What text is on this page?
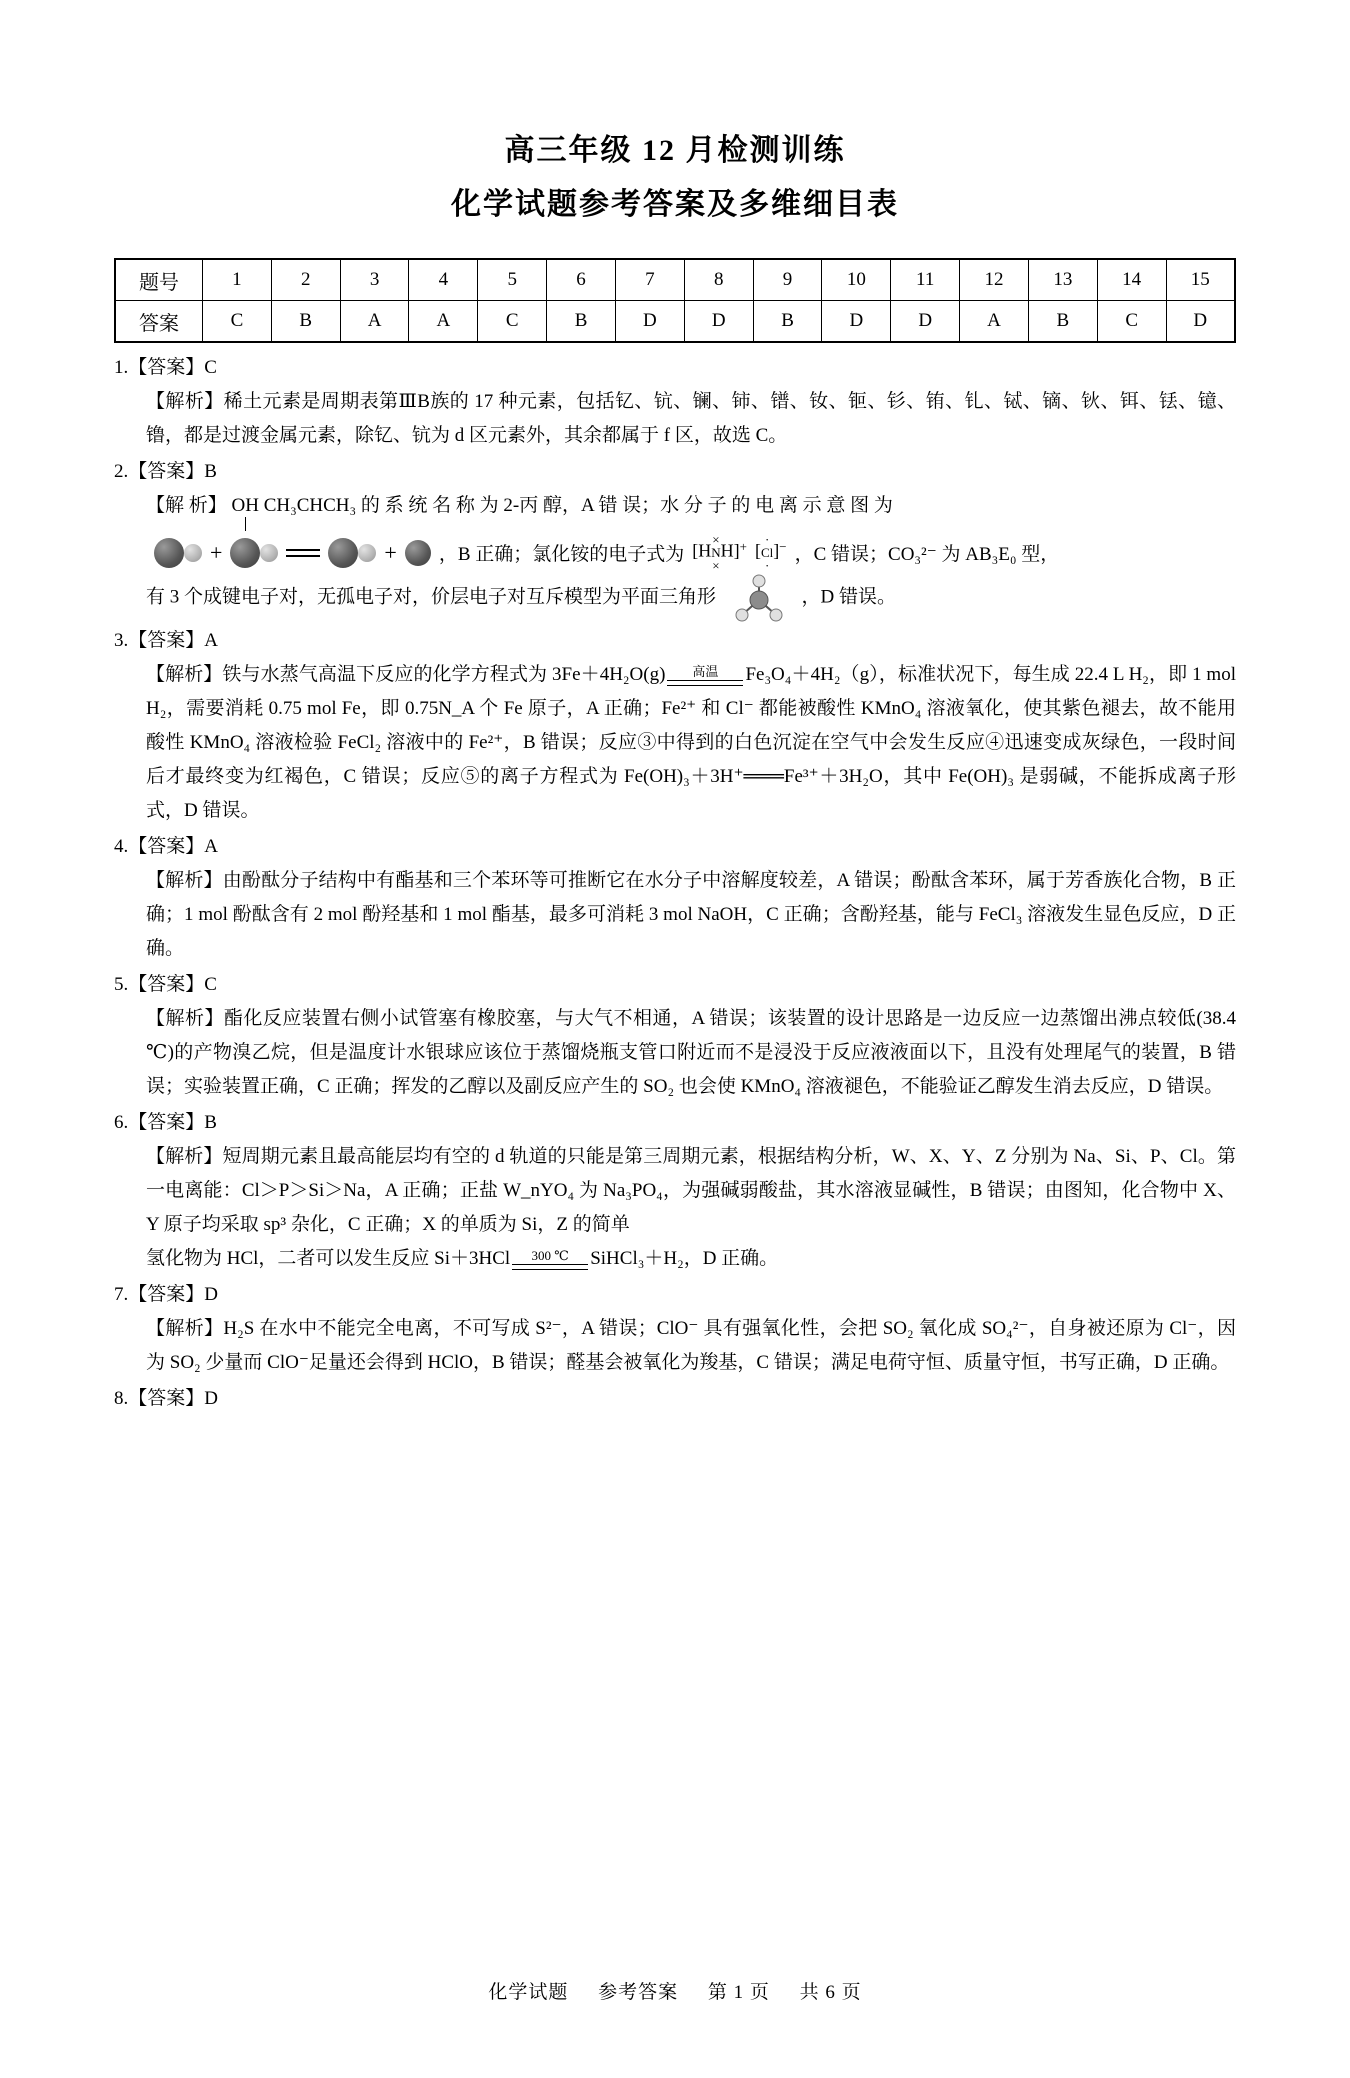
高三年级 12 月检测训练
化学试题参考答案及多维细目表
题号	1	2	3	4	5	6	7	8	9	10	11	12	13	14	15
答案	C	B	A	A	C	B	D	D	B	D	D	A	B	C	D
1.【答案】C
【解析】稀土元素是周期表第ⅢB族的 17 种元素，包括钇、钪、镧、铈、镨、钕、钷、钐、铕、钆、铽、镝、钬、铒、铥、镱、镥，都是过渡金属元素，除钇、钪为 d 区元素外，其余都属于 f 区，故选 C。
2.【答案】B
【解 析】 OH CH₃CHCH₃ 的 系 统 名 称 为 2-丙 醇，A 错 误；水 分 子 的 电 离 示 意 图 为
+	+ ，B 正确；氯化铵的电子式为 [H×
N
×H]+ [·
Cl
·]− ，C 错误；CO₃²⁻ 为 AB₃E₀ 型，
有 3 个成键电子对，无孤电子对，价层电子对互斥模型为平面三角形	，D 错误。
3.【答案】A
【解析】铁与水蒸气高温下反应的化学方程式为 3Fe＋4H₂O(g)	高温	Fe₃O₄＋4H₂（g），标准状况下，每生成 22.4 L H₂，即 1 mol H₂，需要消耗 0.75 mol Fe，即 0.75N_A 个 Fe 原子，A 正确；Fe²⁺ 和 Cl⁻ 都能被酸性 KMnO₄ 溶液氧化，使其紫色褪去，故不能用酸性 KMnO₄ 溶液检验 FeCl₂ 溶液中的 Fe²⁺，B 错误；反应③中得到的白色沉淀在空气中会发生反应④迅速变成灰绿色，一段时间后才最终变为红褐色，C 错误；反应⑤的离子方程式为 Fe(OH)₃＋3H⁺═══Fe³⁺＋3H₂O，其中 Fe(OH)₃ 是弱碱，不能拆成离子形式，D 错误。
4.【答案】A
【解析】由酚酞分子结构中有酯基和三个苯环等可推断它在水分子中溶解度较差，A 错误；酚酞含苯环，属于芳香族化合物，B 正确；1 mol 酚酞含有 2 mol 酚羟基和 1 mol 酯基，最多可消耗 3 mol NaOH，C 正确；含酚羟基，能与 FeCl₃ 溶液发生显色反应，D 正确。
5.【答案】C
【解析】酯化反应装置右侧小试管塞有橡胶塞，与大气不相通，A 错误；该装置的设计思路是一边反应一边蒸馏出沸点较低(38.4 ℃)的产物溴乙烷，但是温度计水银球应该位于蒸馏烧瓶支管口附近而不是浸没于反应液液面以下，且没有处理尾气的装置，B 错误；实验装置正确，C 正确；挥发的乙醇以及副反应产生的 SO₂ 也会使 KMnO₄ 溶液褪色，不能验证乙醇发生消去反应，D 错误。
6.【答案】B
【解析】短周期元素且最高能层均有空的 d 轨道的只能是第三周期元素，根据结构分析，W、X、Y、Z 分别为 Na、Si、P、Cl。第一电离能：Cl＞P＞Si＞Na，A 正确；正盐 W_nYO₄ 为 Na₃PO₄，为强碱弱酸盐，其水溶液显碱性，B 错误；由图知，化合物中 X、Y 原子均采取 sp³ 杂化，C 正确；X 的单质为 Si，Z 的简单
氢化物为 HCl，二者可以发生反应 Si＋3HCl	300 ℃	SiHCl₃＋H₂，D 正确。
7.【答案】D
【解析】H₂S 在水中不能完全电离，不可写成 S²⁻，A 错误；ClO⁻ 具有强氧化性，会把 SO₂ 氧化成 SO₄²⁻，自身被还原为 Cl⁻，因为 SO₂ 少量而 ClO⁻足量还会得到 HClO，B 错误；醛基会被氧化为羧基，C 错误；满足电荷守恒、质量守恒，书写正确，D 正确。
8.【答案】D
化学试题 参考答案 第 1 页 共 6 页
